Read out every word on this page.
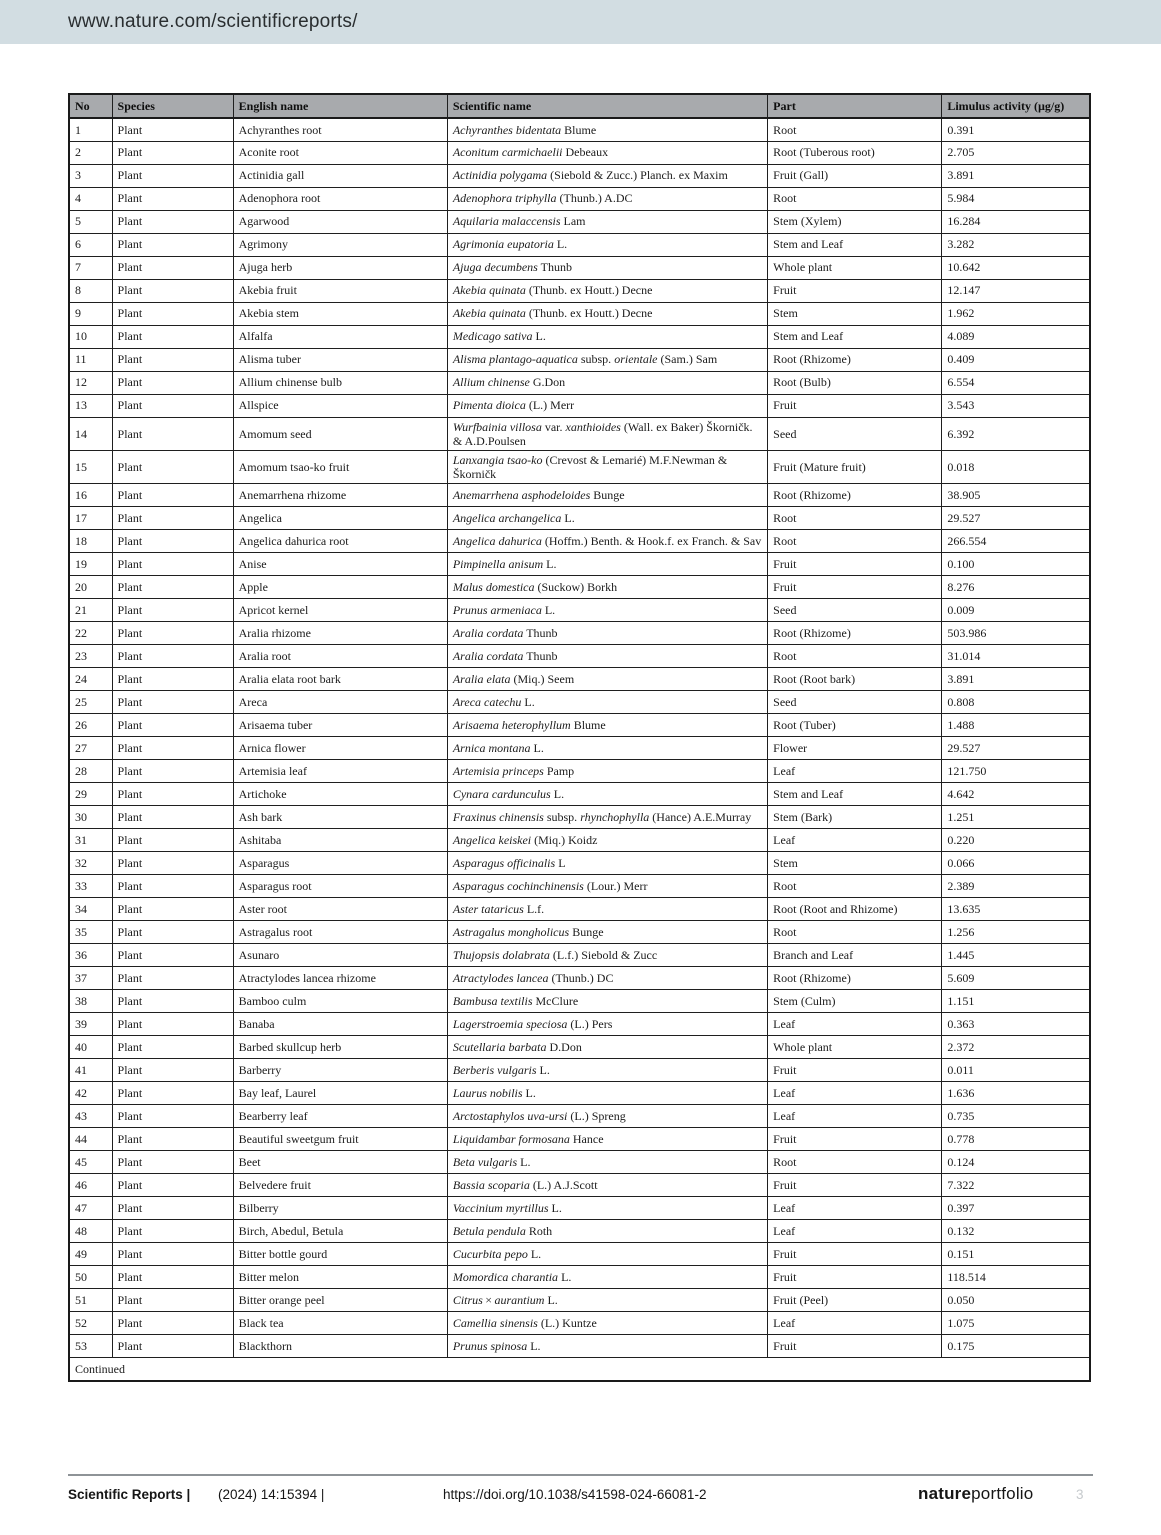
www.nature.com/scientificreports/
No	Species	English name	Scientific name	Part	Limulus activity (µg/g)
1	Plant	Achyranthes root	Achyranthes bidentata Blume	Root	0.391
2	Plant	Aconite root	Aconitum carmichaelii Debeaux	Root (Tuberous root)	2.705
3	Plant	Actinidia gall	Actinidia polygama (Siebold & Zucc.) Planch. ex Maxim	Fruit (Gall)	3.891
4	Plant	Adenophora root	Adenophora triphylla (Thunb.) A.DC	Root	5.984
5	Plant	Agarwood	Aquilaria malaccensis Lam	Stem (Xylem)	16.284
6	Plant	Agrimony	Agrimonia eupatoria L.	Stem and Leaf	3.282
7	Plant	Ajuga herb	Ajuga decumbens Thunb	Whole plant	10.642
8	Plant	Akebia fruit	Akebia quinata (Thunb. ex Houtt.) Decne	Fruit	12.147
9	Plant	Akebia stem	Akebia quinata (Thunb. ex Houtt.) Decne	Stem	1.962
10	Plant	Alfalfa	Medicago sativa L.	Stem and Leaf	4.089
11	Plant	Alisma tuber	Alisma plantago-aquatica subsp. orientale (Sam.) Sam	Root (Rhizome)	0.409
12	Plant	Allium chinense bulb	Allium chinense G.Don	Root (Bulb)	6.554
13	Plant	Allspice	Pimenta dioica (L.) Merr	Fruit	3.543
14	Plant	Amomum seed	Wurfbainia villosa var. xanthioides (Wall. ex Baker) Škorničk. & A.D.Poulsen	Seed	6.392
15	Plant	Amomum tsao-ko fruit	Lanxangia tsao-ko (Crevost & Lemarié) M.F.Newman & Škorničk	Fruit (Mature fruit)	0.018
16	Plant	Anemarrhena rhizome	Anemarrhena asphodeloides Bunge	Root (Rhizome)	38.905
17	Plant	Angelica	Angelica archangelica L.	Root	29.527
18	Plant	Angelica dahurica root	Angelica dahurica (Hoffm.) Benth. & Hook.f. ex Franch. & Sav	Root	266.554
19	Plant	Anise	Pimpinella anisum L.	Fruit	0.100
20	Plant	Apple	Malus domestica (Suckow) Borkh	Fruit	8.276
21	Plant	Apricot kernel	Prunus armeniaca L.	Seed	0.009
22	Plant	Aralia rhizome	Aralia cordata Thunb	Root (Rhizome)	503.986
23	Plant	Aralia root	Aralia cordata Thunb	Root	31.014
24	Plant	Aralia elata root bark	Aralia elata (Miq.) Seem	Root (Root bark)	3.891
25	Plant	Areca	Areca catechu L.	Seed	0.808
26	Plant	Arisaema tuber	Arisaema heterophyllum Blume	Root (Tuber)	1.488
27	Plant	Arnica flower	Arnica montana L.	Flower	29.527
28	Plant	Artemisia leaf	Artemisia princeps Pamp	Leaf	121.750
29	Plant	Artichoke	Cynara cardunculus L.	Stem and Leaf	4.642
30	Plant	Ash bark	Fraxinus chinensis subsp. rhynchophylla (Hance) A.E.Murray	Stem (Bark)	1.251
31	Plant	Ashitaba	Angelica keiskei (Miq.) Koidz	Leaf	0.220
32	Plant	Asparagus	Asparagus officinalis L	Stem	0.066
33	Plant	Asparagus root	Asparagus cochinchinensis (Lour.) Merr	Root	2.389
34	Plant	Aster root	Aster tataricus L.f.	Root (Root and Rhizome)	13.635
35	Plant	Astragalus root	Astragalus mongholicus Bunge	Root	1.256
36	Plant	Asunaro	Thujopsis dolabrata (L.f.) Siebold & Zucc	Branch and Leaf	1.445
37	Plant	Atractylodes lancea rhizome	Atractylodes lancea (Thunb.) DC	Root (Rhizome)	5.609
38	Plant	Bamboo culm	Bambusa textilis McClure	Stem (Culm)	1.151
39	Plant	Banaba	Lagerstroemia speciosa (L.) Pers	Leaf	0.363
40	Plant	Barbed skullcup herb	Scutellaria barbata D.Don	Whole plant	2.372
41	Plant	Barberry	Berberis vulgaris L.	Fruit	0.011
42	Plant	Bay leaf, Laurel	Laurus nobilis L.	Leaf	1.636
43	Plant	Bearberry leaf	Arctostaphylos uva-ursi (L.) Spreng	Leaf	0.735
44	Plant	Beautiful sweetgum fruit	Liquidambar formosana Hance	Fruit	0.778
45	Plant	Beet	Beta vulgaris L.	Root	0.124
46	Plant	Belvedere fruit	Bassia scoparia (L.) A.J.Scott	Fruit	7.322
47	Plant	Bilberry	Vaccinium myrtillus L.	Leaf	0.397
48	Plant	Birch, Abedul, Betula	Betula pendula Roth	Leaf	0.132
49	Plant	Bitter bottle gourd	Cucurbita pepo L.	Fruit	0.151
50	Plant	Bitter melon	Momordica charantia L.	Fruit	118.514
51	Plant	Bitter orange peel	Citrus × aurantium L.	Fruit (Peel)	0.050
52	Plant	Black tea	Camellia sinensis (L.) Kuntze	Leaf	1.075
53	Plant	Blackthorn	Prunus spinosa L.	Fruit	0.175
Continued					
Scientific Reports | (2024) 14:15394 |	https://doi.org/10.1038/s41598-024-66081-2	natureportfolio	3
